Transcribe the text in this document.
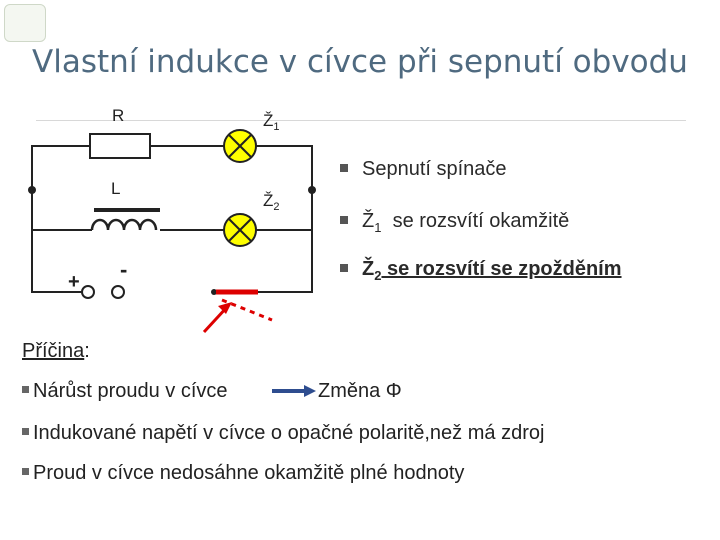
Vlastní indukce v cívce při sepnutí obvodu
R
L
$Ž_1$
$Ž_2$
+ -
Sepnutí spínače
$Ž_1$ se rozsvítí okamžitě
$Ž_2$ se rozsvítí se zpožděním
Příčina:
Nárůst proudu v cívce	Změna Φ
Indukované napětí v cívce o opačné polaritě,než má zdroj
Proud v cívce nedosáhne okamžitě plné hodnoty
